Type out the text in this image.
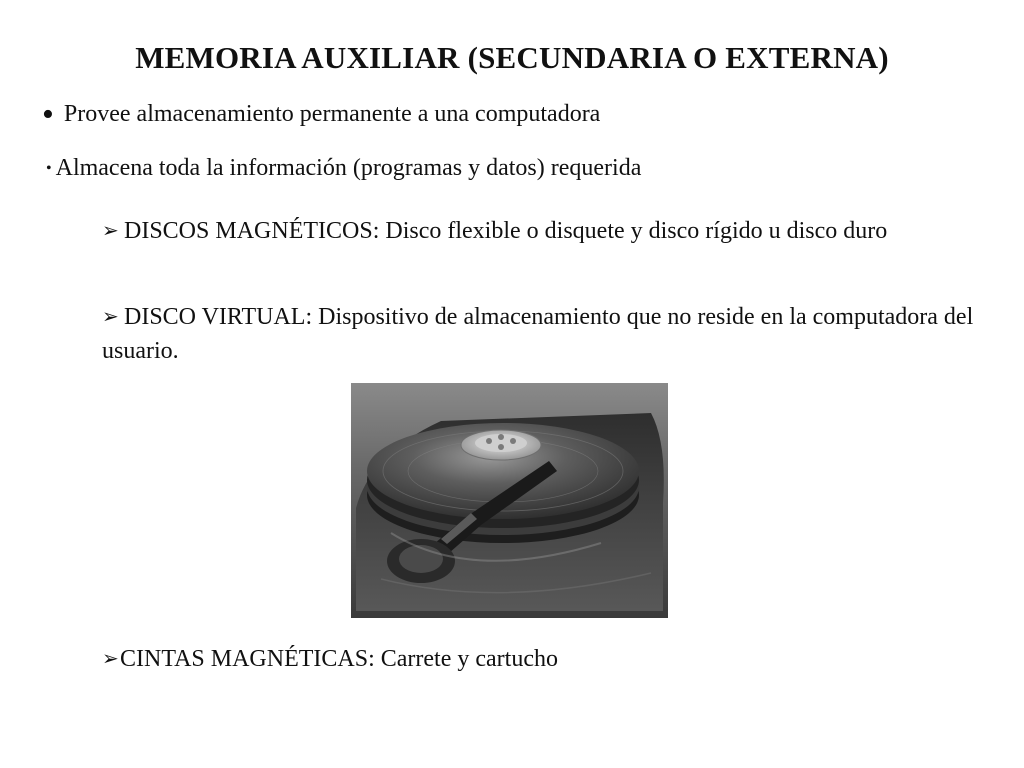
MEMORIA AUXILIAR (SECUNDARIA O EXTERNA)
• Provee almacenamiento permanente a una computadora
• Almacena toda la información (programas y datos) requerida
➢ DISCOS MAGNÉTICOS: Disco flexible o disquete y disco rígido u disco duro
➢ DISCO VIRTUAL: Dispositivo de almacenamiento que no reside en la computadora del usuario.
➢CINTAS MAGNÉTICAS: Carrete y cartucho
